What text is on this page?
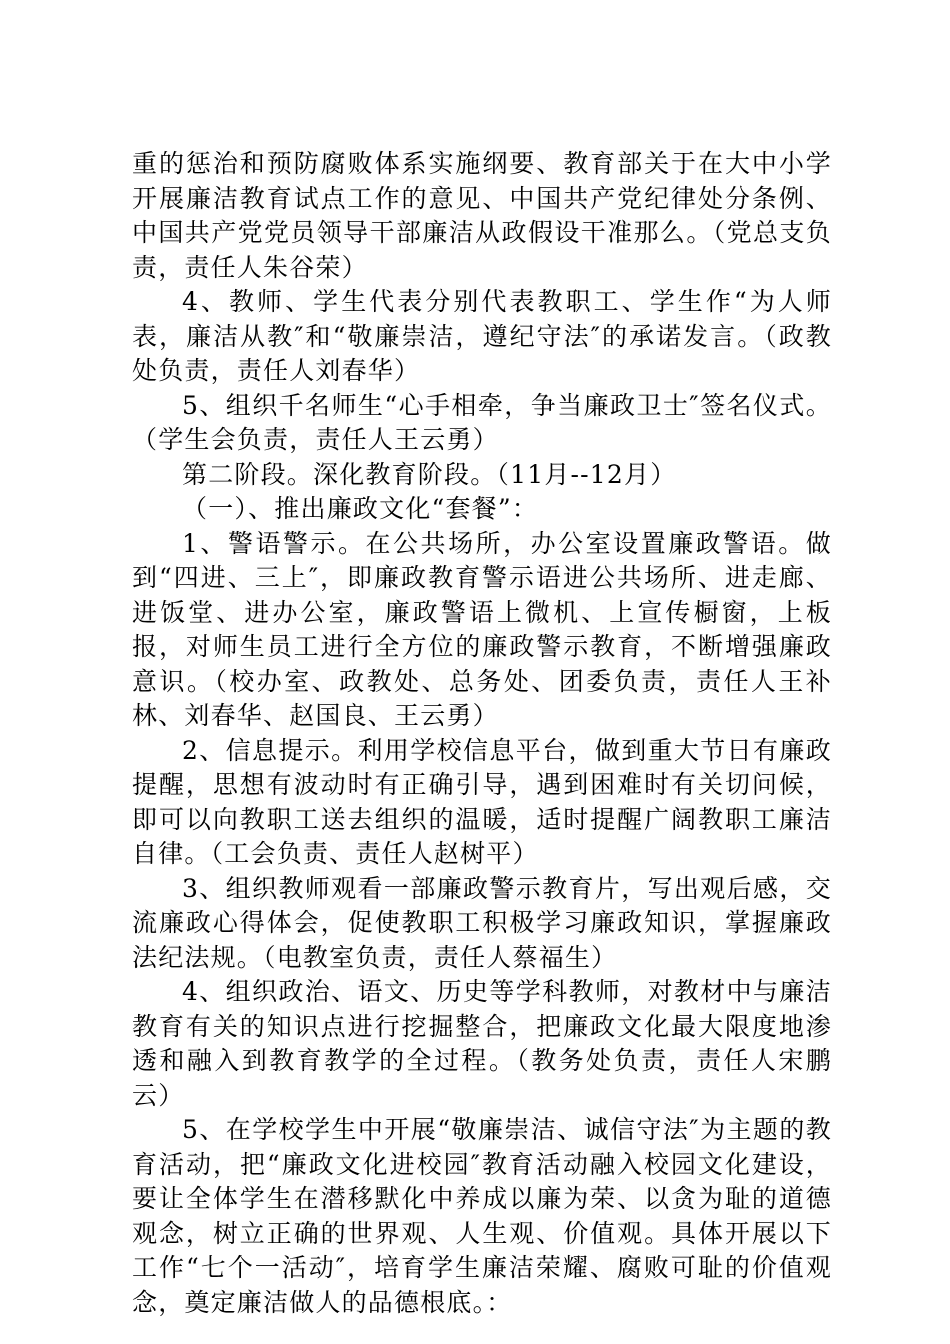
重的惩治和预防腐败体系实施纲要、教育部关于在大中小学开展廉洁教育试点工作的意见、中国共产党纪律处分条例、中国共产党党员领导干部廉洁从政假设干准那么。（党总支负责，责任人朱谷荣）

4、教师、学生代表分别代表教职工、学生作“为人师表，廉洁从教″和“敬廉崇洁，遵纪守法″的承诺发言。（政教处负责，责任人刘春华）

5、组织千名师生“心手相牵，争当廉政卫士″签名仪式。（学生会负责，责任人王云勇）

第二阶段。深化教育阶段。（11月--12月）

（一）、推出廉政文化“套餐”：

1、警语警示。在公共场所，办公室设置廉政警语。做到“四进、三上″，即廉政教育警示语进公共场所、进走廊、进饭堂、进办公室，廉政警语上微机、上宣传橱窗，上板报，对师生员工进行全方位的廉政警示教育，不断增强廉政意识。（校办室、政教处、总务处、团委负责，责任人王补林、刘春华、赵国良、王云勇）

2、信息提示。利用学校信息平台，做到重大节日有廉政提醒，思想有波动时有正确引导，遇到困难时有关切问候，即可以向教职工送去组织的温暖，适时提醒广阔教职工廉洁自律。（工会负责、责任人赵树平）

3、组织教师观看一部廉政警示教育片，写出观后感，交流廉政心得体会，促使教职工积极学习廉政知识，掌握廉政法纪法规。（电教室负责，责任人蔡福生）

4、组织政治、语文、历史等学科教师，对教材中与廉洁教育有关的知识点进行挖掘整合，把廉政文化最大限度地渗透和融入到教育教学的全过程。（教务处负责，责任人宋鹏云）

5、在学校学生中开展“敬廉崇洁、诚信守法″为主题的教育活动，把“廉政文化进校园″教育活动融入校园文化建设，要让全体学生在潜移默化中养成以廉为荣、以贪为耻的道德观念，树立正确的世界观、人生观、价值观。具体开展以下工作“七个一活动″，培育学生廉洁荣耀、腐败可耻的价值观念，奠定廉洁做人的品德根底。：
